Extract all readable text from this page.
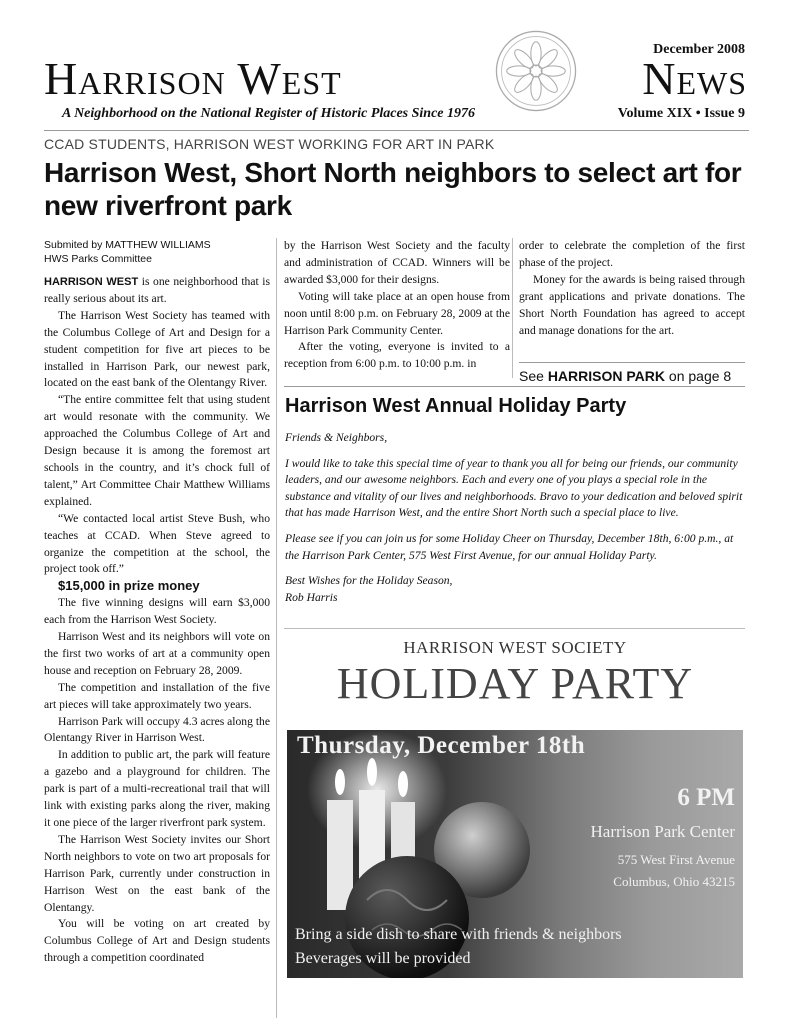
Harrison West
December 2008
News
A Neighborhood on the National Register of Historic Places Since 1976	Volume XIX • Issue 9
CCAD STUDENTS, HARRISON WEST WORKING FOR ART IN PARK
Harrison West, Short North neighbors to select art for new riverfront park
Submited by MATTHEW WILLIAMS
HWS Parks Committee

HARRISON WEST is one neighborhood that is really serious about its art.

The Harrison West Society has teamed with the Columbus College of Art and Design for a student competition for five art pieces to be installed in Harrison Park, our newest park, located on the east bank of the Olentangy River.

“The entire committee felt that using student art would resonate with the community. We approached the Columbus College of Art and Design because it is among the foremost art schools in the country, and it’s chock full of talent,” Art Committee Chair Matthew Williams explained.

“We contacted local artist Steve Bush, who teaches at CCAD. When Steve agreed to organize the competition at the school, the project took off.”

$15,000 in prize money

The five winning designs will earn $3,000 each from the Harrison West Society.

Harrison West and its neighbors will vote on the first two works of art at a community open house and reception on February 28, 2009.

The competition and installation of the five art pieces will take approximately two years.

Harrison Park will occupy 4.3 acres along the Olentangy River in Harrison West.

In addition to public art, the park will feature a gazebo and a playground for children. The park is part of a multi-recreational trail that will link with existing parks along the river, making it one piece of the larger riverfront park system.

The Harrison West Society invites our Short North neighbors to vote on two art proposals for Harrison Park, currently under construction in Harrison West on the east bank of the Olentangy.

You will be voting on art created by Columbus College of Art and Design students through a competition coordinated

by the Harrison West Society and the faculty and administration of CCAD. Winners will be awarded $3,000 for their designs.

Voting will take place at an open house from noon until 8:00 p.m. on February 28, 2009 at the Harrison Park Community Center.

After the voting, everyone is invited to a reception from 6:00 p.m. to 10:00 p.m. in

order to celebrate the completion of the first phase of the project.

Money for the awards is being raised through grant applications and private donations. The Short North Foundation has agreed to accept and manage donations for the art.

See HARRISON PARK on page 8
Harrison West Annual Holiday Party

Friends & Neighbors,

I would like to take this special time of year to thank you all for being our friends, our community leaders, and our awesome neighbors. Each and every one of you plays a special role in the substance and vitality of our lives and neighborhoods. Bravo to your dedication and beloved spirit that has made Harrison West, and the entire Short North such a special place to live.

Please see if you can join us for some Holiday Cheer on Thursday, December 18th, 6:00 p.m., at the Harrison Park Center, 575 West First Avenue, for our annual Holiday Party.

Best Wishes for the Holiday Season,
Rob Harris

HARRISON WEST SOCIETY
HOLIDAY PARTY
Thursday, December 18th
6 PM
Harrison Park Center
575 West First Avenue
Columbus, Ohio 43215
Bring a side dish to share with friends & neighbors
Beverages will be provided
